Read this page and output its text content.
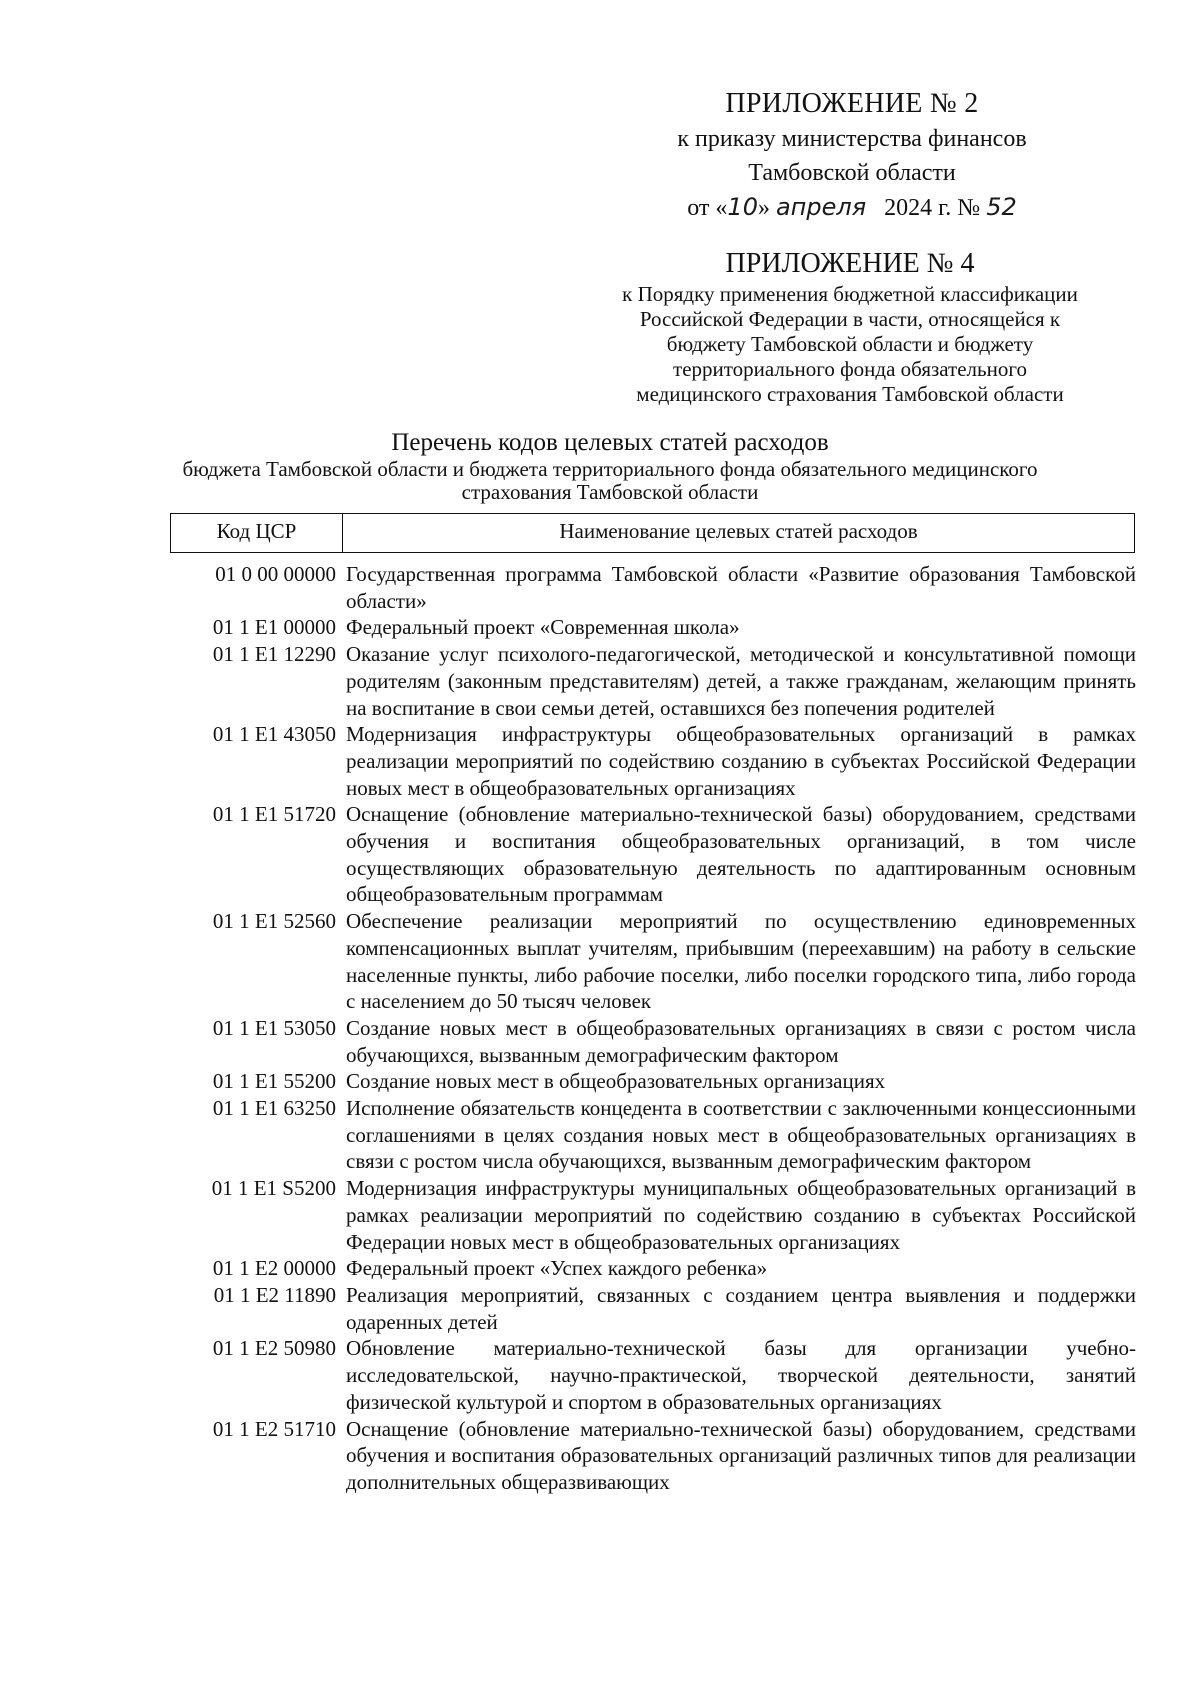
ПРИЛОЖЕНИЕ № 2
к приказу министерства финансов
Тамбовской области
от «10» апреля 2024 г. № 52
ПРИЛОЖЕНИЕ № 4
к Порядку применения бюджетной классификации
Российской Федерации в части, относящейся к
бюджету Тамбовской области и бюджету
территориального фонда обязательного
медицинского страхования Тамбовской области
Перечень кодов целевых статей расходов
бюджета Тамбовской области и бюджета территориального фонда обязательного медицинского
страхования Тамбовской области
Код ЦСР	Наименование целевых статей расходов
01 0 00 00000 Государственная программа Тамбовской области «Развитие образования Тамбовской области»
01 1 E1 00000 Федеральный проект «Современная школа»
01 1 E1 12290 Оказание услуг психолого-педагогической, методической и консультативной помощи родителям (законным представителям) детей, а также гражданам, желающим принять на воспитание в свои семьи детей, оставшихся без попечения родителей
01 1 E1 43050 Модернизация инфраструктуры общеобразовательных организаций в рамках реализации мероприятий по содействию созданию в субъектах Российской Федерации новых мест в общеобразовательных организациях
01 1 E1 51720 Оснащение (обновление материально-технической базы) оборудованием, средствами обучения и воспитания общеобразовательных организаций, в том числе осуществляющих образовательную деятельность по адаптированным основным общеобразовательным программам
01 1 E1 52560 Обеспечение реализации мероприятий по осуществлению единовременных компенсационных выплат учителям, прибывшим (переехавшим) на работу в сельские населенные пункты, либо рабочие поселки, либо поселки городского типа, либо города с населением до 50 тысяч человек
01 1 E1 53050 Создание новых мест в общеобразовательных организациях в связи с ростом числа обучающихся, вызванным демографическим фактором
01 1 E1 55200 Создание новых мест в общеобразовательных организациях
01 1 E1 63250 Исполнение обязательств концедента в соответствии с заключенными концессионными соглашениями в целях создания новых мест в общеобразовательных организациях в связи с ростом числа обучающихся, вызванным демографическим фактором
01 1 E1 S5200 Модернизация инфраструктуры муниципальных общеобразовательных организаций в рамках реализации мероприятий по содействию созданию в субъектах Российской Федерации новых мест в общеобразовательных организациях
01 1 E2 00000 Федеральный проект «Успех каждого ребенка»
01 1 E2 11890 Реализация мероприятий, связанных с созданием центра выявления и поддержки одаренных детей
01 1 E2 50980 Обновление материально-технической базы для организации учебно-исследовательской, научно-практической, творческой деятельности, занятий физической культурой и спортом в образовательных организациях
01 1 E2 51710 Оснащение (обновление материально-технической базы) оборудованием, средствами обучения и воспитания образовательных организаций различных типов для реализации дополнительных общеразвивающих
